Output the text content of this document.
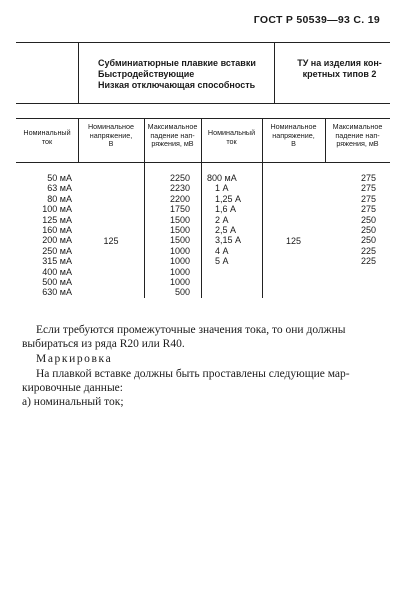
ГОСТ Р 50539—93 С. 19
Субминиатюрные плавкие вставки
Быстродействующие
Низкая отключающая способность
ТУ на изделия кон-
кретных типов 2
Номинальный
ток
Номинальное
напряжение,
В
Максимальное
падение нап-
ряжения, мВ
Номинальный
ток
Номинальное
напряжение,
В
Максимальное
падение нап-
ряжения, мВ
50 мА
63 мА
80 мА
100 мА
125 мА
160 мА
200 мА
250 мА
315 мА
400 мА
500 мА
630 мА
125
2250
2230
2200
1750
1500
1500
1500
1000
1000
1000
1000
500
800 мА
1 А
1,25 А
1,6 А
2 А
2,5 А
3,15 А
4 А
5 А
125
275
275
275
275
250
250
250
225
225
Если требуются промежуточные значения тока, то они должны
выбираться из ряда R20 или R40.
Маркировка
На плавкой вставке должны быть проставлены следующие мар-
кировочные данные:
а) номинальный ток;
